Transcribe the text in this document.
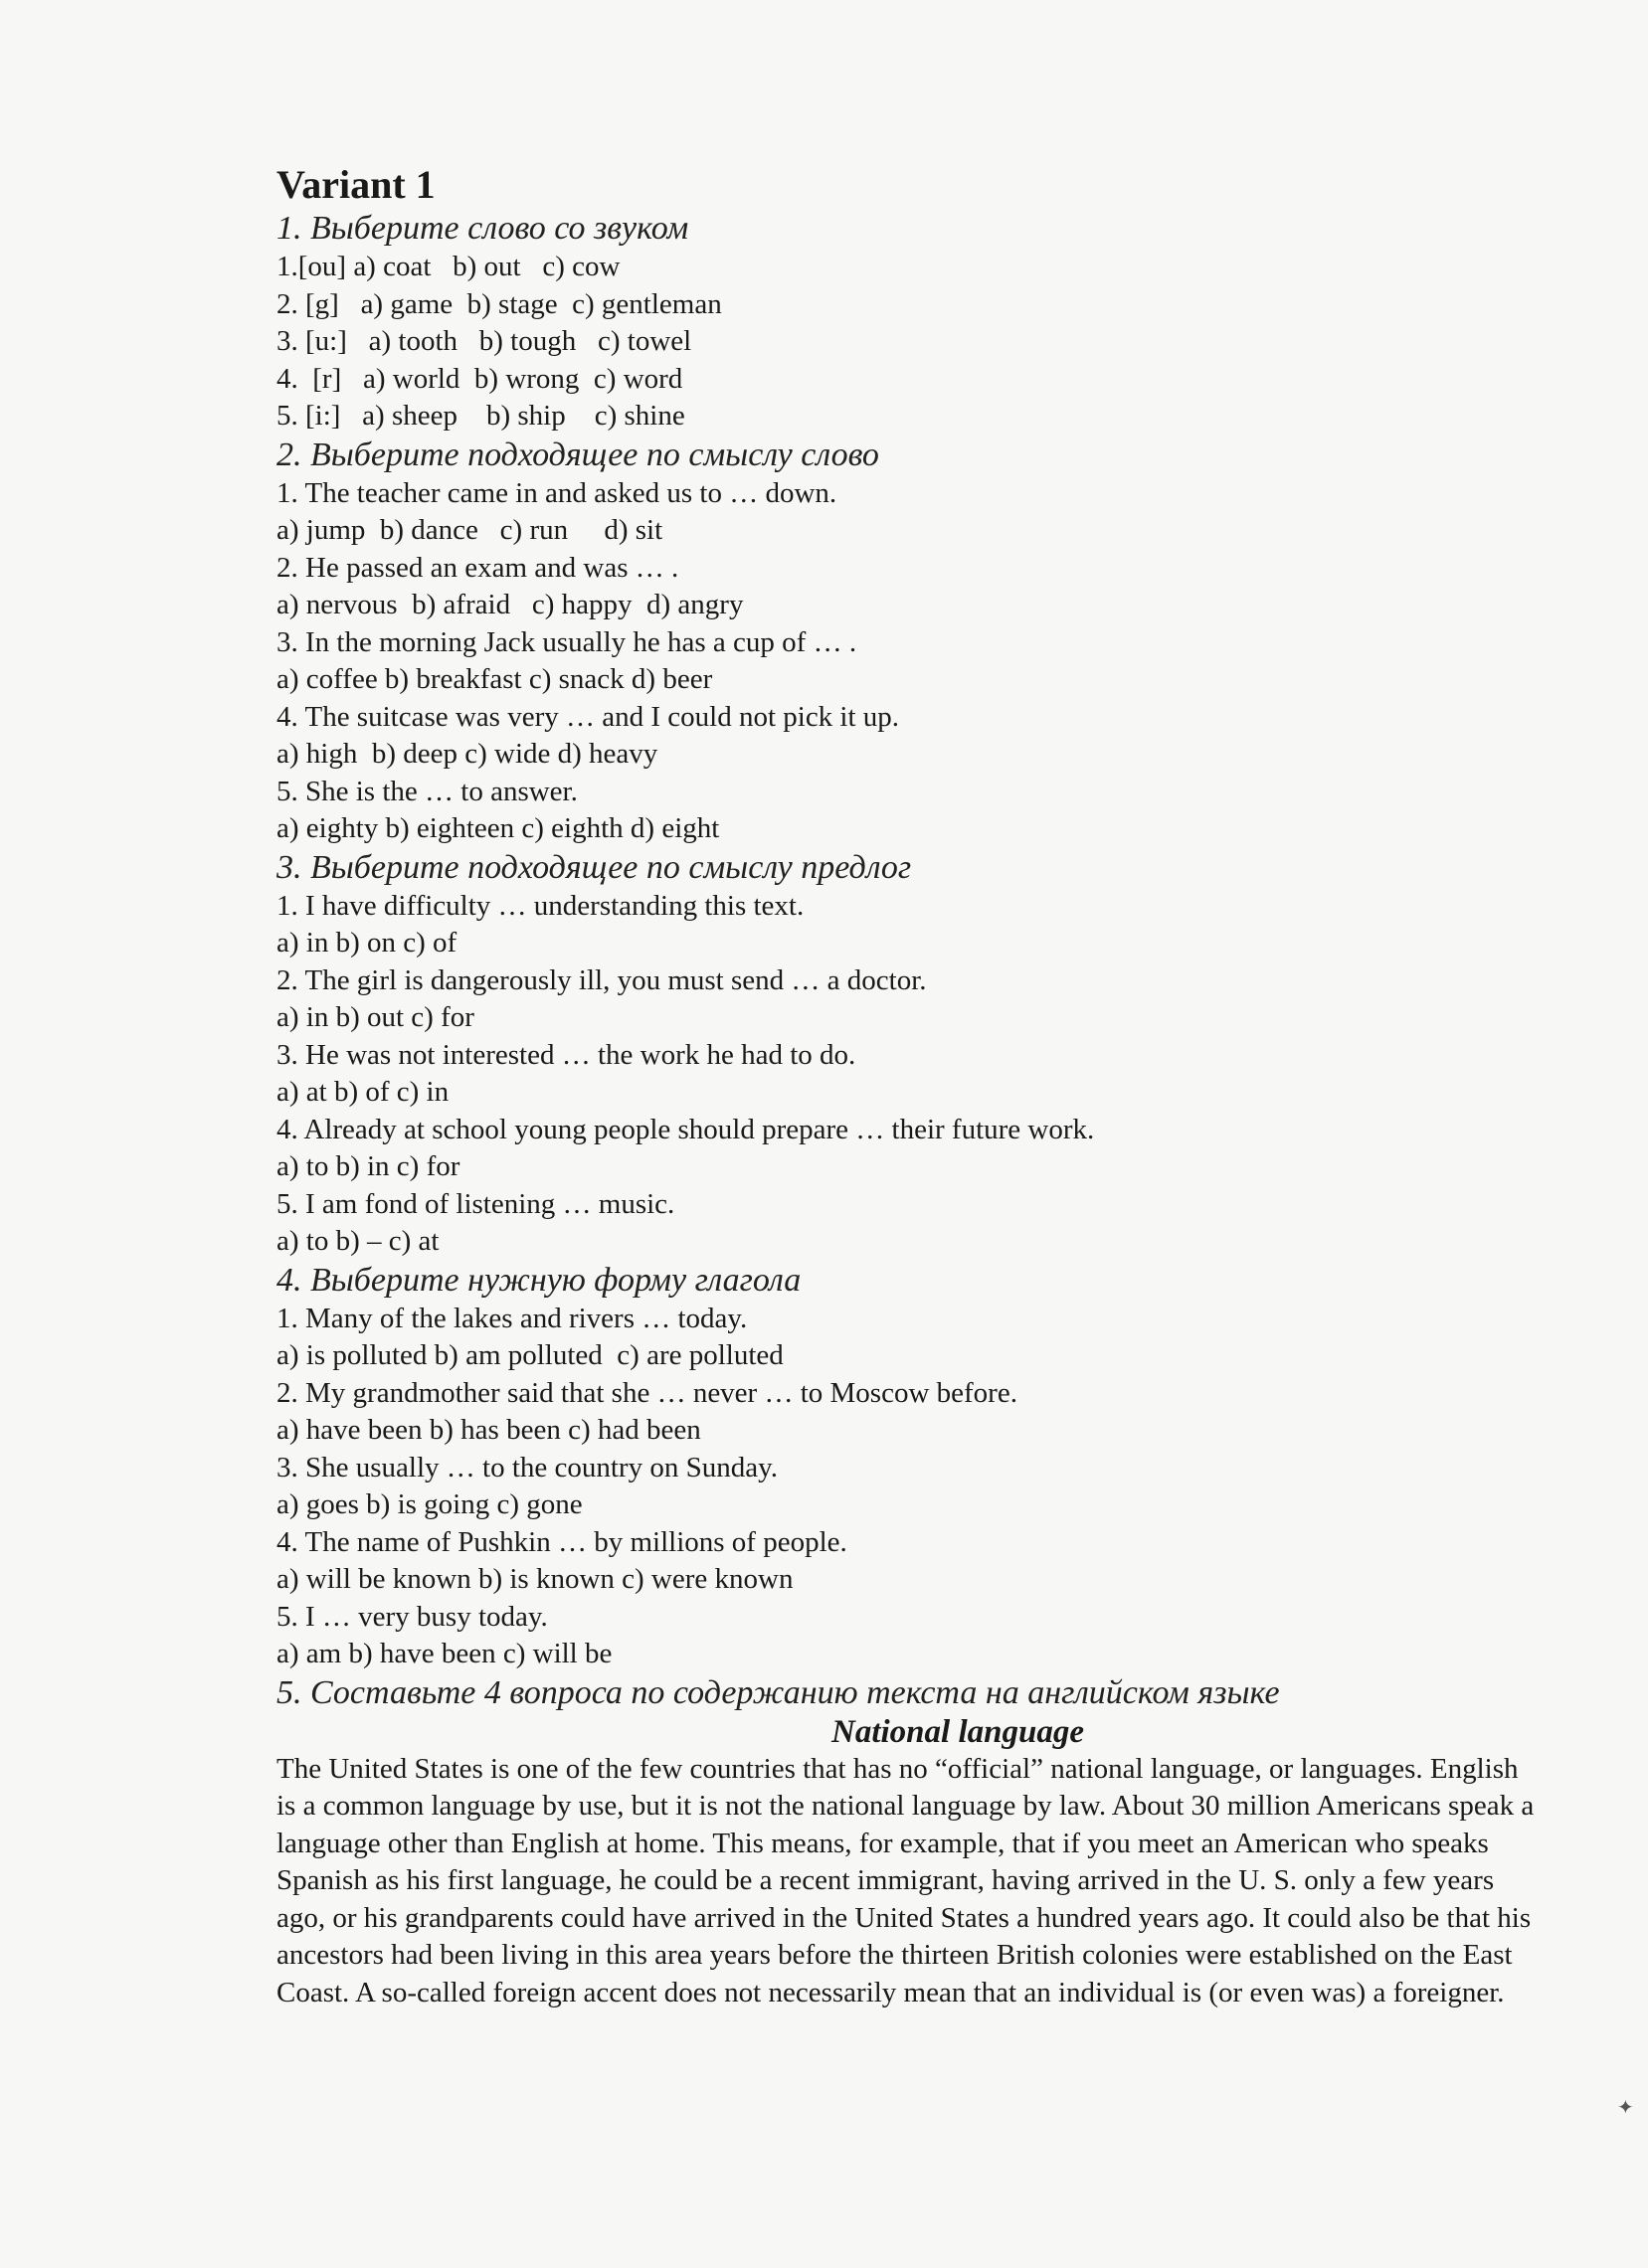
Variant 1

1. Выберите слово со звуком

1.[ou] a) coat   b) out   c) cow

2. [g]   a) game  b) stage  c) gentleman

3. [u:]   a) tooth   b) tough   c) towel

4.  [r]   a) world  b) wrong  c) word

5. [i:]   a) sheep    b) ship    c) shine

2. Выберите подходящее по смыслу слово

1. The teacher came in and asked us to … down.

a) jump  b) dance   c) run     d) sit

2. He passed an exam and was … .

a) nervous  b) afraid   c) happy  d) angry

3. In the morning Jack usually he has a cup of … .

a) coffee b) breakfast c) snack d) beer

4. The suitcase was very … and I could not pick it up.

a) high  b) deep c) wide d) heavy

5. She is the … to answer.

a) eighty b) eighteen c) eighth d) eight

3. Выберите подходящее по смыслу предлог

1. I have difficulty … understanding this text.

a) in b) on c) of

2. The girl is dangerously ill, you must send … a doctor.

a) in b) out c) for

3. He was not interested … the work he had to do.

a) at b) of c) in

4. Already at school young people should prepare … their future work.

a) to b) in c) for

5. I am fond of listening … music.

a) to b) – c) at

4. Выберите нужную форму глагола

1. Many of the lakes and rivers … today.

a) is polluted b) am polluted  c) are polluted

2. My grandmother said that she … never … to Moscow before.

a) have been b) has been c) had been

3. She usually … to the country on Sunday.

a) goes b) is going c) gone

4. The name of Pushkin … by millions of people.

a) will be known b) is known c) were known

5. I … very busy today.

a) am b) have been c) will be

5. Составьте 4 вопроса по содержанию текста на английском языке

National language

The United States is one of the few countries that has no “official” national language, or languages. English is a common language by use, but it is not the national language by law. About 30 million Americans speak a language other than English at home. This means, for example, that if you meet an American who speaks Spanish as his first language, he could be a recent immigrant, having arrived in the U. S. only a few years ago, or his grandparents could have arrived in the United States a hundred years ago. It could also be that his ancestors had been living in this area years before the thirteen British colonies were established on the East Coast. A so-called foreign accent does not necessarily mean that an individual is (or even was) a foreigner.

✦
